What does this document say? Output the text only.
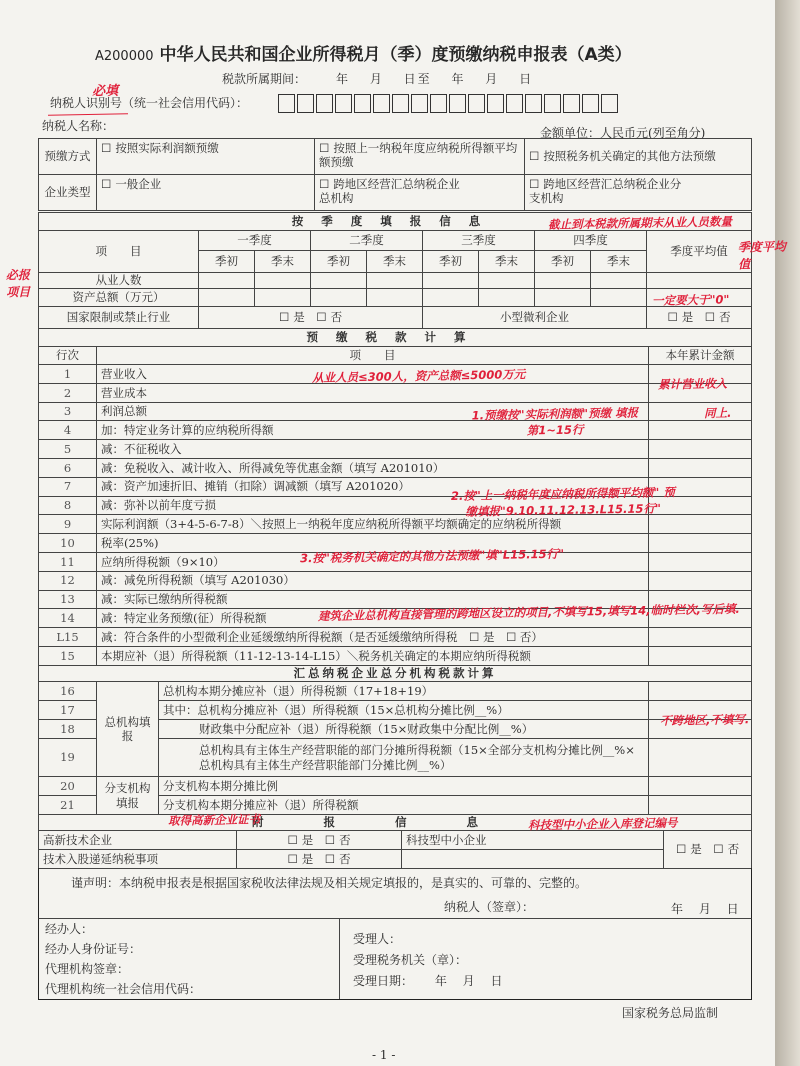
A200000 中华人民共和国企业所得税月（季）度预缴纳税申报表（A类）
税款所属期间：　　　	年　 月　 日至　 年　 月　 日
纳税人识别号（统一社会信用代码）：
纳税人名称：	金额单位：人民币元(列至角分)
预缴方式	☐ 按照实际利润额预缴	☐ 按照上一纳税年度应纳税所得额平均额预缴	☐ 按照税务机关确定的其他方法预缴
企业类型	☐ 一般企业	☐ 跨地区经营汇总纳税企业总机构	☐ 跨地区经营汇总纳税企业分支机构
按季度填报信息									
项　　目	一季度		二季度		三季度		四季度		季度平均值
	季初	季末	季初	季末	季初	季末	季初	季末	
从业人数									
资产总额（万元）									
国家限制或禁止行业	☐ 是　 ☐ 否				小型微利企业				☐ 是　 ☐ 否
预缴税款计算		
行次	项　　目	本年累计金额
1	营业收入	
2	营业成本	
3	利润总额	
4	加：特定业务计算的应纳税所得额	
5	减：不征税收入	
6	减：免税收入、减计收入、所得减免等优惠金额（填写 A201010）	
7	减：资产加速折旧、摊销（扣除）调减额（填写 A201020）	
8	减：弥补以前年度亏损	
9	实际利润额（3+4-5-6-7-8）＼按照上一纳税年度应纳税所得额平均额确定的应纳税所得额	
10	税率(25%)	
11	应纳所得税额（9×10）	
12	减：减免所得税额（填写 A201030）	
13	减：实际已缴纳所得税额	
14	减：特定业务预缴(征）所得税额	
L15	减：符合条件的小型微利企业延缓缴纳所得税额（是否延缓缴纳所得税　☐ 是　☐ 否）	
15	本期应补（退）所得税额（11-12-13-14-L15）＼税务机关确定的本期应纳所得税额	
汇总纳税企业总分机构税款计算			
16	总机构填报	总机构本期分摊应补（退）所得税额（17+18+19）	
17		其中：总机构分摊应补（退）所得税额（15×总机构分摊比例__%）	
18		财政集中分配应补（退）所得税额（15×财政集中分配比例__%）	
19		总机构具有主体生产经营职能的部门分摊所得税额（15×全部分支机构分摊比例__%×总机构具有主体生产经营职能部门分摊比例__%）	
20	分支机构填报	分支机构本期分摊比例	
21		分支机构本期分摊应补（退）所得税额	
附报信息			
高新技术企业	☐ 是　 ☐ 否	科技型中小企业	☐ 是　 ☐ 否
技术入股递延纳税事项	☐ 是　 ☐ 否	
谨声明：本纳税申报表是根据国家税收法律法规及相关规定填报的，是真实的、可靠的、完整的。
纳税人（签章）：	年　 月　 日
经办人：
经办人身份证号：
代理机构签章：
代理机构统一社会信用代码：
受理人：
受理税务机关（章）：
受理日期：　　 年　 月　 日
国家税务总局监制
- 1 -
必填
截止到本税款所属期末从业人员数量
季度平均值
必报项目
一定要大于"0"
从业人员≤300人，资产总额≤5000万元	累计营业收入
同上.
1.预缴按"实际利润额"预缴 填报第1~15行
2.按"上一纳税年度应纳税所得额平均额" 预缴填报"9.10.11.12.13.L15.15行"
3.按"税务机关确定的其他方法预缴"填"L15.15行"
建筑企业总机构直接管理的跨地区设立的项目,不填写15,填写14,临时栏次,写后填.
不跨地区,不填写.
取得高新企业证书	科技型中小企业入库登记编号
